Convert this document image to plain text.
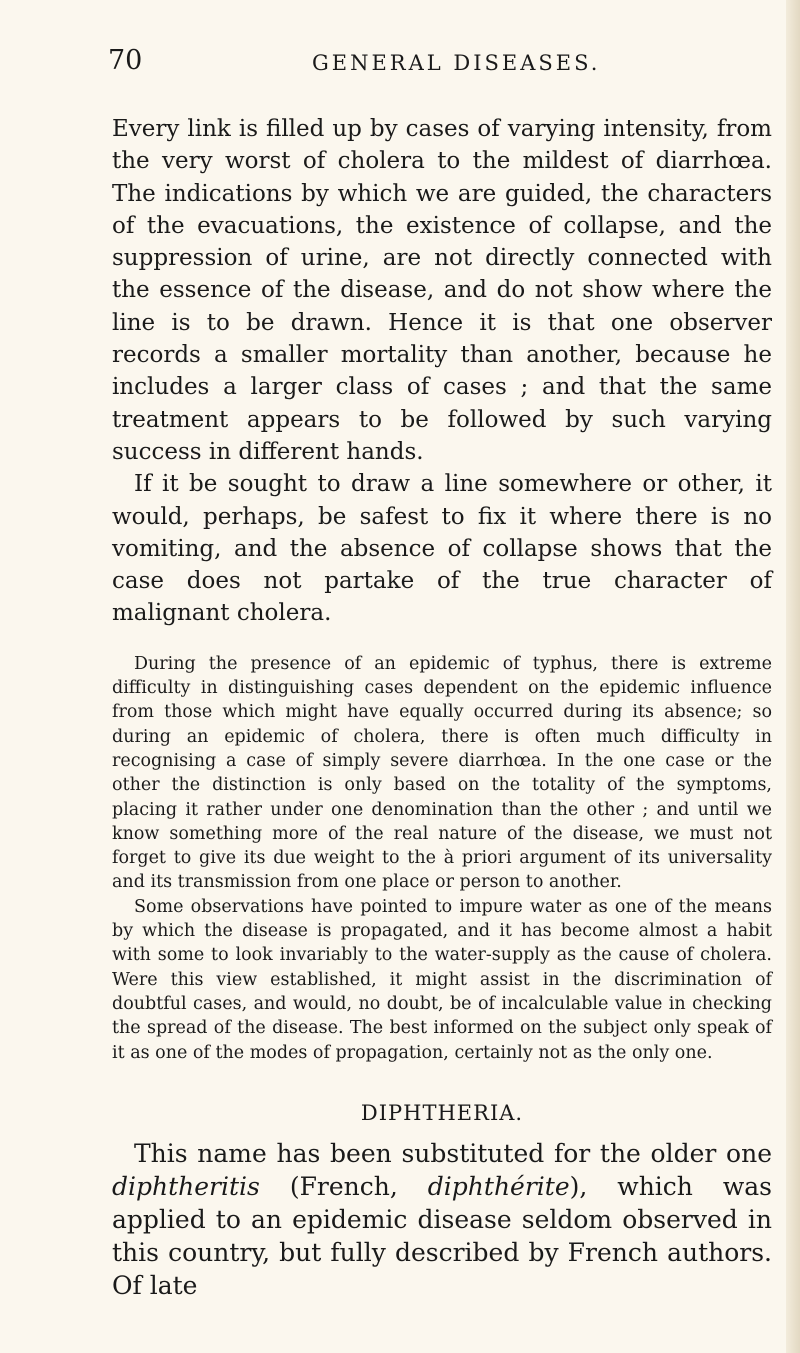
70	GENERAL DISEASES.

Every link is filled up by cases of varying intensity, from the very worst of cholera to the mildest of diarrhœa. The indications by which we are guided, the characters of the evacuations, the existence of collapse, and the suppression of urine, are not directly connected with the essence of the disease, and do not show where the line is to be drawn. Hence it is that one observer records a smaller mortality than another, because he includes a larger class of cases ; and that the same treatment appears to be followed by such varying success in different hands.

If it be sought to draw a line somewhere or other, it would, perhaps, be safest to fix it where there is no vomiting, and the absence of collapse shows that the case does not partake of the true character of malignant cholera.

During the presence of an epidemic of typhus, there is extreme difficulty in distinguishing cases dependent on the epidemic influence from those which might have equally occurred during its absence; so during an epidemic of cholera, there is often much difficulty in recognising a case of simply severe diarrhœa. In the one case or the other the distinction is only based on the totality of the symptoms, placing it rather under one denomination than the other ; and until we know something more of the real nature of the disease, we must not forget to give its due weight to the à priori argument of its universality and its transmission from one place or person to another.

Some observations have pointed to impure water as one of the means by which the disease is propagated, and it has become almost a habit with some to look invariably to the water-supply as the cause of cholera. Were this view established, it might assist in the discrimination of doubtful cases, and would, no doubt, be of incalculable value in checking the spread of the disease. The best informed on the subject only speak of it as one of the modes of propagation, certainly not as the only one.

DIPHTHERIA.

This name has been substituted for the older one diphtheritis (French, diphthérite), which was applied to an epidemic disease seldom observed in this country, but fully described by French authors. Of late
